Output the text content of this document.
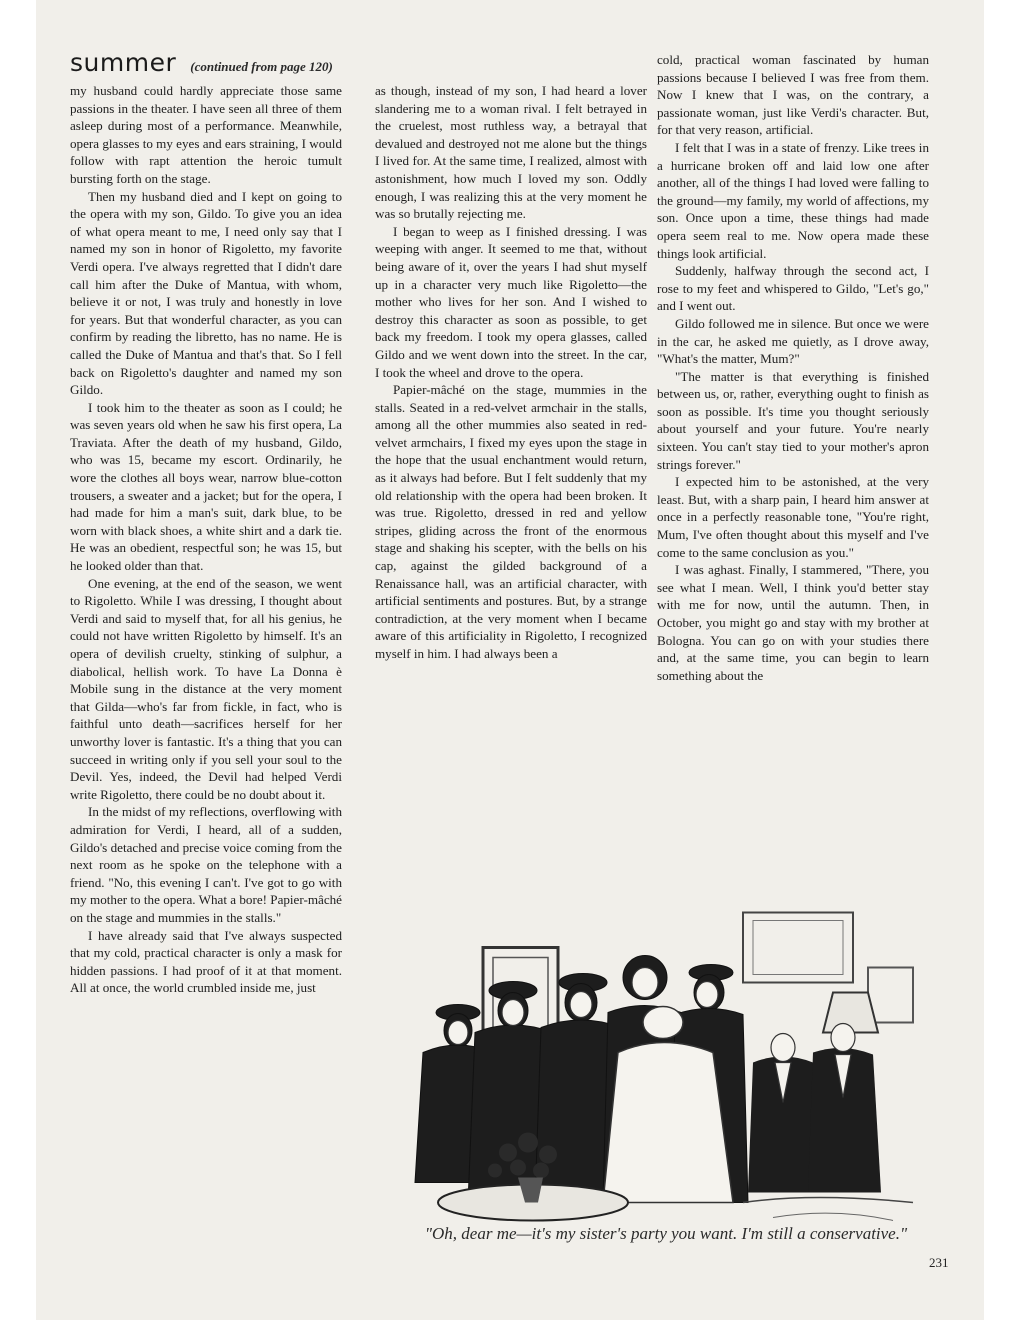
summer (continued from page 120)

my husband could hardly appreciate those same passions in the theater. I have seen all three of them asleep during most of a performance. Meanwhile, opera glasses to my eyes and ears straining, I would follow with rapt attention the heroic tumult bursting forth on the stage.

Then my husband died and I kept on going to the opera with my son, Gildo. To give you an idea of what opera meant to me, I need only say that I named my son in honor of Rigoletto, my favorite Verdi opera. I've always regretted that I didn't dare call him after the Duke of Mantua, with whom, believe it or not, I was truly and honestly in love for years. But that wonderful character, as you can confirm by reading the libretto, has no name. He is called the Duke of Mantua and that's that. So I fell back on Rigoletto's daughter and named my son Gildo.

I took him to the theater as soon as I could; he was seven years old when he saw his first opera, La Traviata. After the death of my husband, Gildo, who was 15, became my escort. Ordinarily, he wore the clothes all boys wear, narrow blue-cotton trousers, a sweater and a jacket; but for the opera, I had made for him a man's suit, dark blue, to be worn with black shoes, a white shirt and a dark tie. He was an obedient, respectful son; he was 15, but he looked older than that.

One evening, at the end of the season, we went to Rigoletto. While I was dressing, I thought about Verdi and said to myself that, for all his genius, he could not have written Rigoletto by himself. It's an opera of devilish cruelty, stinking of sulphur, a diabolical, hellish work. To have La Donna è Mobile sung in the distance at the very moment that Gilda—who's far from fickle, in fact, who is faithful unto death—sacrifices herself for her unworthy lover is fantastic. It's a thing that you can succeed in writing only if you sell your soul to the Devil. Yes, indeed, the Devil had helped Verdi write Rigoletto, there could be no doubt about it.

In the midst of my reflections, overflowing with admiration for Verdi, I heard, all of a sudden, Gildo's detached and precise voice coming from the next room as he spoke on the telephone with a friend. "No, this evening I can't. I've got to go with my mother to the opera. What a bore! Papier-mâché on the stage and mummies in the stalls."

I have already said that I've always suspected that my cold, practical character is only a mask for hidden passions. I had proof of it at that moment. All at once, the world crumbled inside me, just

as though, instead of my son, I had heard a lover slandering me to a woman rival. I felt betrayed in the cruelest, most ruthless way, a betrayal that devalued and destroyed not me alone but the things I lived for. At the same time, I realized, almost with astonishment, how much I loved my son. Oddly enough, I was realizing this at the very moment he was so brutally rejecting me.

I began to weep as I finished dressing. I was weeping with anger. It seemed to me that, without being aware of it, over the years I had shut myself up in a character very much like Rigoletto—the mother who lives for her son. And I wished to destroy this character as soon as possible, to get back my freedom. I took my opera glasses, called Gildo and we went down into the street. In the car, I took the wheel and drove to the opera.

Papier-mâché on the stage, mummies in the stalls. Seated in a red-velvet armchair in the stalls, among all the other mummies also seated in red-velvet armchairs, I fixed my eyes upon the stage in the hope that the usual enchantment would return, as it always had before. But I felt suddenly that my old relationship with the opera had been broken. It was true. Rigoletto, dressed in red and yellow stripes, gliding across the front of the enormous stage and shaking his scepter, with the bells on his cap, against the gilded background of a Renaissance hall, was an artificial character, with artificial sentiments and postures. But, by a strange contradiction, at the very moment when I became aware of this artificiality in Rigoletto, I recognized myself in him. I had always been a

cold, practical woman fascinated by human passions because I believed I was free from them. Now I knew that I was, on the contrary, a passionate woman, just like Verdi's character. But, for that very reason, artificial.

I felt that I was in a state of frenzy. Like trees in a hurricane broken off and laid low one after another, all of the things I had loved were falling to the ground—my family, my world of affections, my son. Once upon a time, these things had made opera seem real to me. Now opera made these things look artificial.

Suddenly, halfway through the second act, I rose to my feet and whispered to Gildo, "Let's go," and I went out.

Gildo followed me in silence. But once we were in the car, he asked me quietly, as I drove away, "What's the matter, Mum?"

"The matter is that everything is finished between us, or, rather, everything ought to finish as soon as possible. It's time you thought seriously about yourself and your future. You're nearly sixteen. You can't stay tied to your mother's apron strings forever."

I expected him to be astonished, at the very least. But, with a sharp pain, I heard him answer at once in a perfectly reasonable tone, "You're right, Mum, I've often thought about this myself and I've come to the same conclusion as you."

I was aghast. Finally, I stammered, "There, you see what I mean. Well, I think you'd better stay with me for now, until the autumn. Then, in October, you might go and stay with my brother at Bologna. You can go on with your studies there and, at the same time, you can begin to learn something about the

"Oh, dear me—it's my sister's party you want. I'm still a conservative."
231
